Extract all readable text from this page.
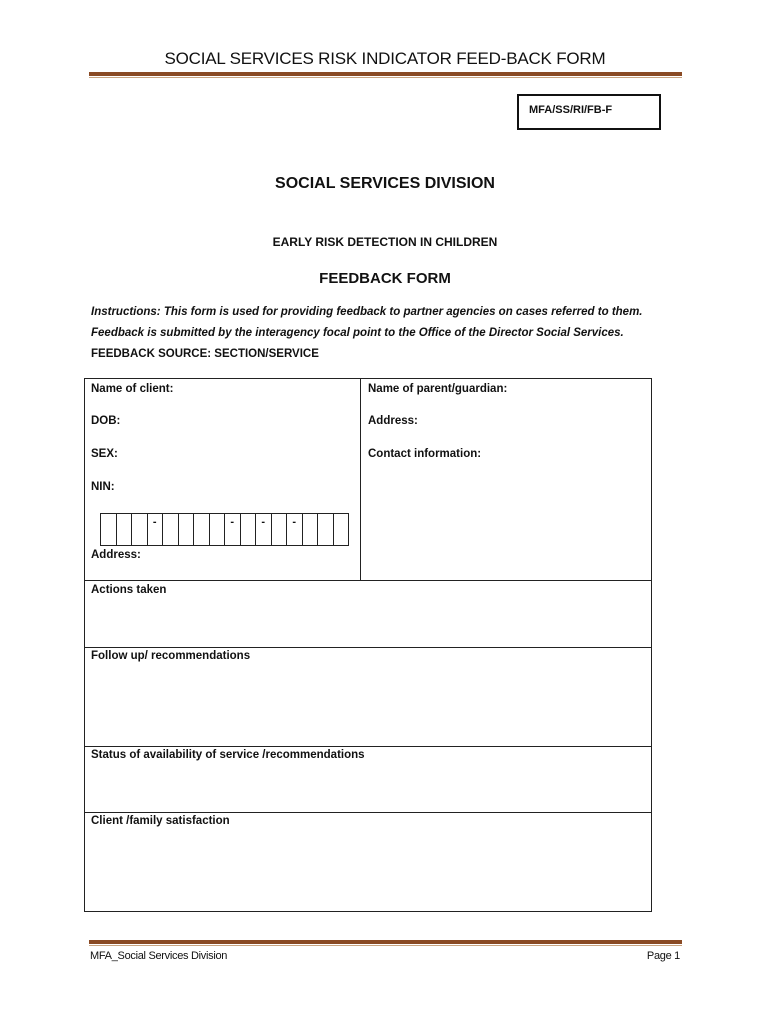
SOCIAL SERVICES RISK INDICATOR FEED-BACK FORM
MFA/SS/RI/FB-F
SOCIAL SERVICES DIVISION
EARLY RISK DETECTION IN CHILDREN
FEEDBACK FORM
Instructions: This form is used for providing feedback to partner agencies on cases referred to them.
Feedback is submitted by the interagency focal point to the Office of the Director Social Services.
FEEDBACK SOURCE: SECTION/SERVICE
Name of client:
DOB:
SEX:
NIN:
-	-	-	-
Address:
Name of parent/guardian:
Address:
Contact information:
Actions taken
Follow up/ recommendations
Status of availability of service /recommendations
Client /family satisfaction
MFA_Social Services Division	Page 1
